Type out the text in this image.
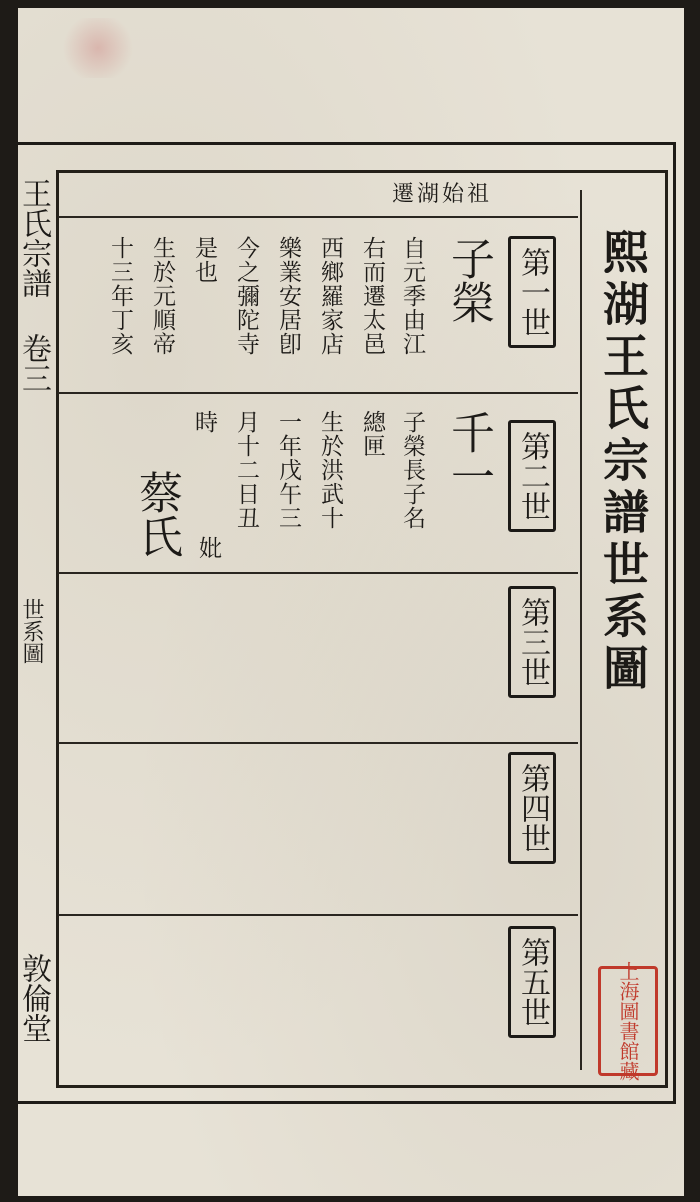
王氏宗譜 卷三

世系圖

敦倫堂

熙湖王氏宗譜世系圖

遷湖始祖

第一世
第二世
第三世
第四世
第五世

子榮

自元季由江

右而遷太邑

西鄉羅家店

樂業安居卽

今之彌陀寺

是也

生於元順帝

十三年丁亥

千一

子榮長子名

總匣

生於洪武十

一年戊午三

月十二日丑

時

妣

蔡氏

上海圖書館藏
